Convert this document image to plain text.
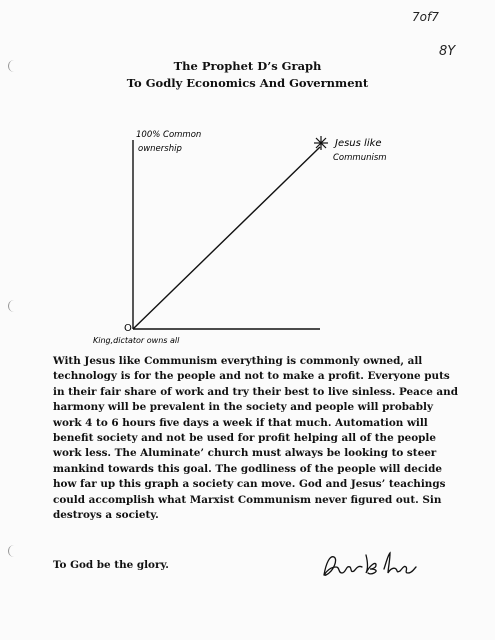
7of7
8Y
The Prophet D’s Graph
To Godly Economics And Government
O
100% Common
ownership	Jesus like
Communism
King,dictator owns all

With Jesus like Communism everything is commonly owned, all technology is for the people and not to make a profit. Everyone puts in their fair share of work and try their best to live sinless. Peace and harmony will be prevalent in the society and people will probably work 4 to 6 hours five days a week if that much. Automation will benefit society and not be used for profit helping all of the people work less. The Aluminate’ church must always be looking to steer mankind towards this goal. The godliness of the people will decide how far up this graph a society can move. God and Jesus’ teachings could accomplish what Marxist Communism never figured out. Sin destroys a society.

To God be the glory.
